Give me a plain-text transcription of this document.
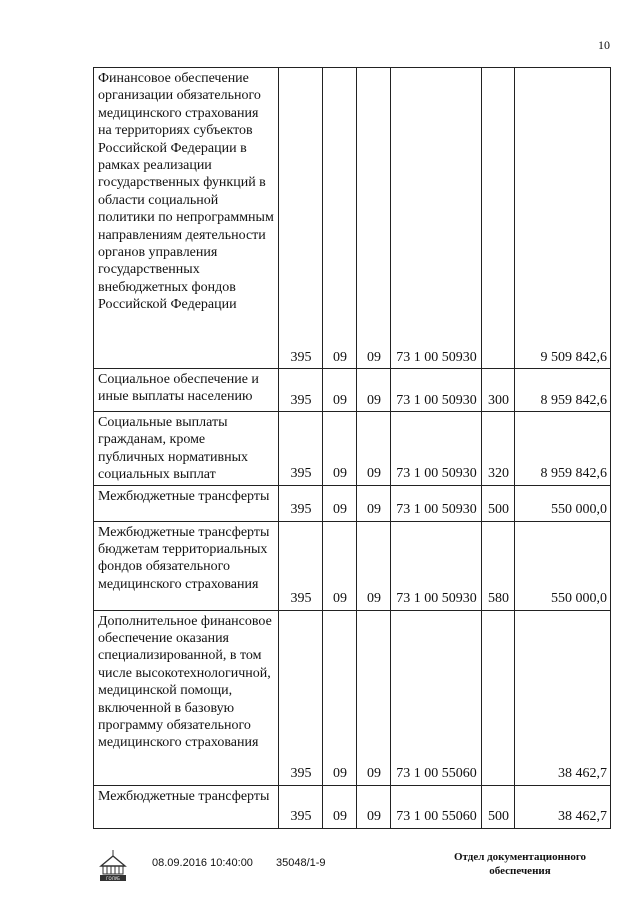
10
Финансовое обеспечение организации обязательного медицинского страхования на территориях субъектов Российской Федерации в рамках реализации государственных функций в области социальной политики по непрограммным направлениям деятельности органов управления государственных внебюджетных фондов Российской Федерации	395	09	09	73 1 00 50930		9 509 842,6
Социальное обеспечение и иные выплаты населению	395	09	09	73 1 00 50930	300	8 959 842,6
Социальные выплаты гражданам, кроме публичных нормативных социальных выплат	395	09	09	73 1 00 50930	320	8 959 842,6
Межбюджетные трансферты	395	09	09	73 1 00 50930	500	550 000,0
Межбюджетные трансферты бюджетам территориальных фондов обязательного медицинского страхования	395	09	09	73 1 00 50930	580	550 000,0
Дополнительное финансовое обеспечение оказания специализированной, в том числе высокотехнологичной, медицинской помощи, включенной в базовую программу обязательного медицинского страхования	395	09	09	73 1 00 55060		38 462,7
Межбюджетные трансферты	395	09	09	73 1 00 55060	500	38 462,7
ГОЛУБ
08.09.2016 10:40:00 35048/1-9	Отдел документационного
обеспечения
